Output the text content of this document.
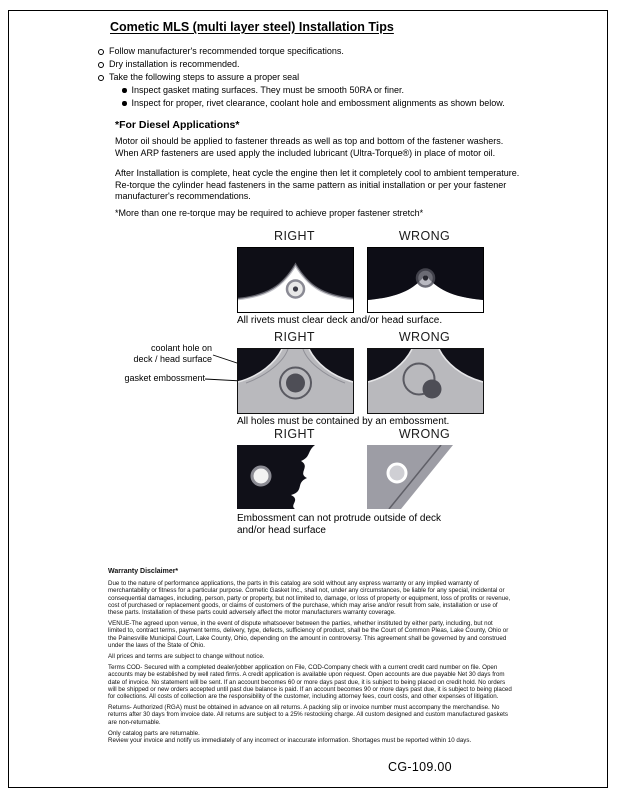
Cometic MLS (multi layer steel) Installation Tips
Follow manufacturer's recommended torque specifications.
Dry installation is recommended.
Take the following steps to assure a proper seal
Inspect gasket mating surfaces. They must be smooth 50RA or finer.
Inspect for proper, rivet clearance, coolant hole and embossment alignments as shown below.
*For Diesel Applications*

Motor oil should be applied to fastener threads as well as top and bottom of the fastener washers. When ARP fasteners are used apply the included lubricant (Ultra-Torque®) in place of motor oil.

After Installation is complete, heat cycle the engine then let it completely cool to ambient temperature. Re-torque the cylinder head fasteners in the same pattern as initial installation or per your fastener manufacturer's recommendations.

*More than one re-torque may be required to achieve proper fastener stretch*

RIGHT	WRONG
All rivets must clear deck and/or head surface.
RIGHT	WRONG
coolant hole on
deck / head surface
gasket embossment
All holes must be contained by an embossment.
RIGHT	WRONG
Embossment can not protrude outside of deck
and/or head surface
Warranty Disclaimer*
Due to the nature of performance applications, the parts in this catalog are sold without any express warranty or any implied warranty of merchantability or fitness for a particular purpose. Cometic Gasket Inc., shall not, under any circumstances, be liable for any special, incidental or consequential damages, including, person, party or property, but not limited to, damage, or loss of property or equipment, loss of profits or revenue, cost of purchased or replacement goods, or claims of customers of the purchase, which may arise and/or result from sale, installation or use of these parts. Installation of these parts could adversely affect the motor manufacturers warranty coverage.
VENUE-The agreed upon venue, in the event of dispute whatsoever between the parties, whether instituted by either party, including, but not limited to, contract terms, payment terms, delivery, type, defects, sufficiency of product, shall be the Court of Common Pleas, Lake County, Ohio or the Painesville Municipal Court, Lake County, Ohio, depending on the amount in controversy. This agreement shall be governed by and construed under the laws of the State of Ohio.
All prices and terms are subject to change without notice.
Terms COD- Secured with a completed dealer/jobber application on File, COD-Company check with a current credit card number on file. Open accounts may be established by well rated firms. A credit application is available upon request. Open accounts are due payable Net 30 days from date of invoice. No statement will be sent. If an account becomes 60 or more days past due, it is subject to being placed on credit hold. No orders will be shipped or new orders accepted until past due balance is paid. If an account becomes 90 or more days past due, it is subject to being placed for collections. All costs of collection are the responsibility of the customer, including attorney fees, court costs, and other expenses of litigation.
Returns- Authorized (RGA) must be obtained in advance on all returns. A packing slip or invoice number must accompany the merchandise. No returns after 30 days from invoice date. All returns are subject to a 25% restocking charge. All custom designed and custom manufactured gaskets are non-returnable.
Only catalog parts are returnable.
Review your invoice and notify us immediately of any incorrect or inaccurate information. Shortages must be reported within 10 days.
CG-109.00
